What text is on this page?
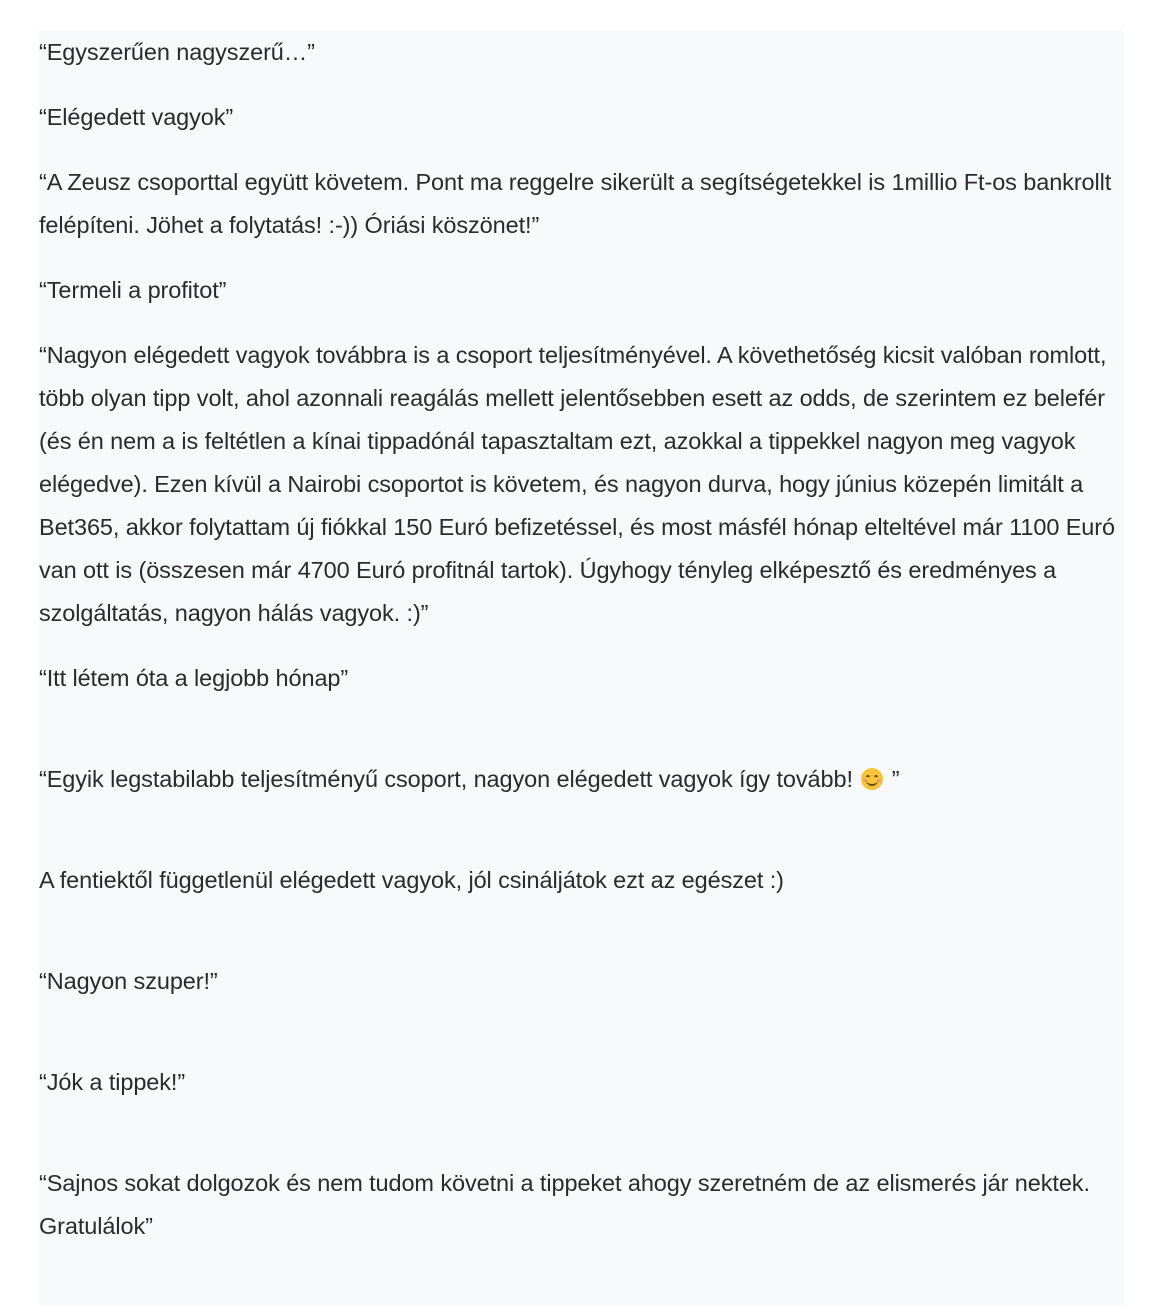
“Egyszerűen nagyszerű…”

“Elégedett vagyok”

“A Zeusz csoporttal együtt követem. Pont ma reggelre sikerült a segítségetekkel is 1millio Ft-os bankrollt felépíteni. Jöhet a folytatás! :-)) Óriási köszönet!”

“Termeli a profitot”

“Nagyon elégedett vagyok továbbra is a csoport teljesítményével. A követhetőség kicsit valóban romlott, több olyan tipp volt, ahol azonnali reagálás mellett jelentősebben esett az odds, de szerintem ez belefér (és én nem a is feltétlen a kínai tippadónál tapasztaltam ezt, azokkal a tippekkel nagyon meg vagyok elégedve). Ezen kívül a Nairobi csoportot is követem, és nagyon durva, hogy június közepén limitált a Bet365, akkor folytattam új fiókkal 150 Euró befizetéssel, és most másfél hónap elteltével már 1100 Euró van ott is (összesen már 4700 Euró profitnál tartok). Úgyhogy tényleg elképesztő és eredményes a szolgáltatás, nagyon hálás vagyok. :)”

“Itt létem óta a legjobb hónap”

“Egyik legstabilabb teljesítményű csoport, nagyon elégedett vagyok így tovább!
”

A fentiektől függetlenül elégedett vagyok, jól csináljátok ezt az egészet :)

“Nagyon szuper!”

“Jók a tippek!”

“Sajnos sokat dolgozok és nem tudom követni a tippeket ahogy szeretném de az elismerés jár nektek. Gratulálok”
